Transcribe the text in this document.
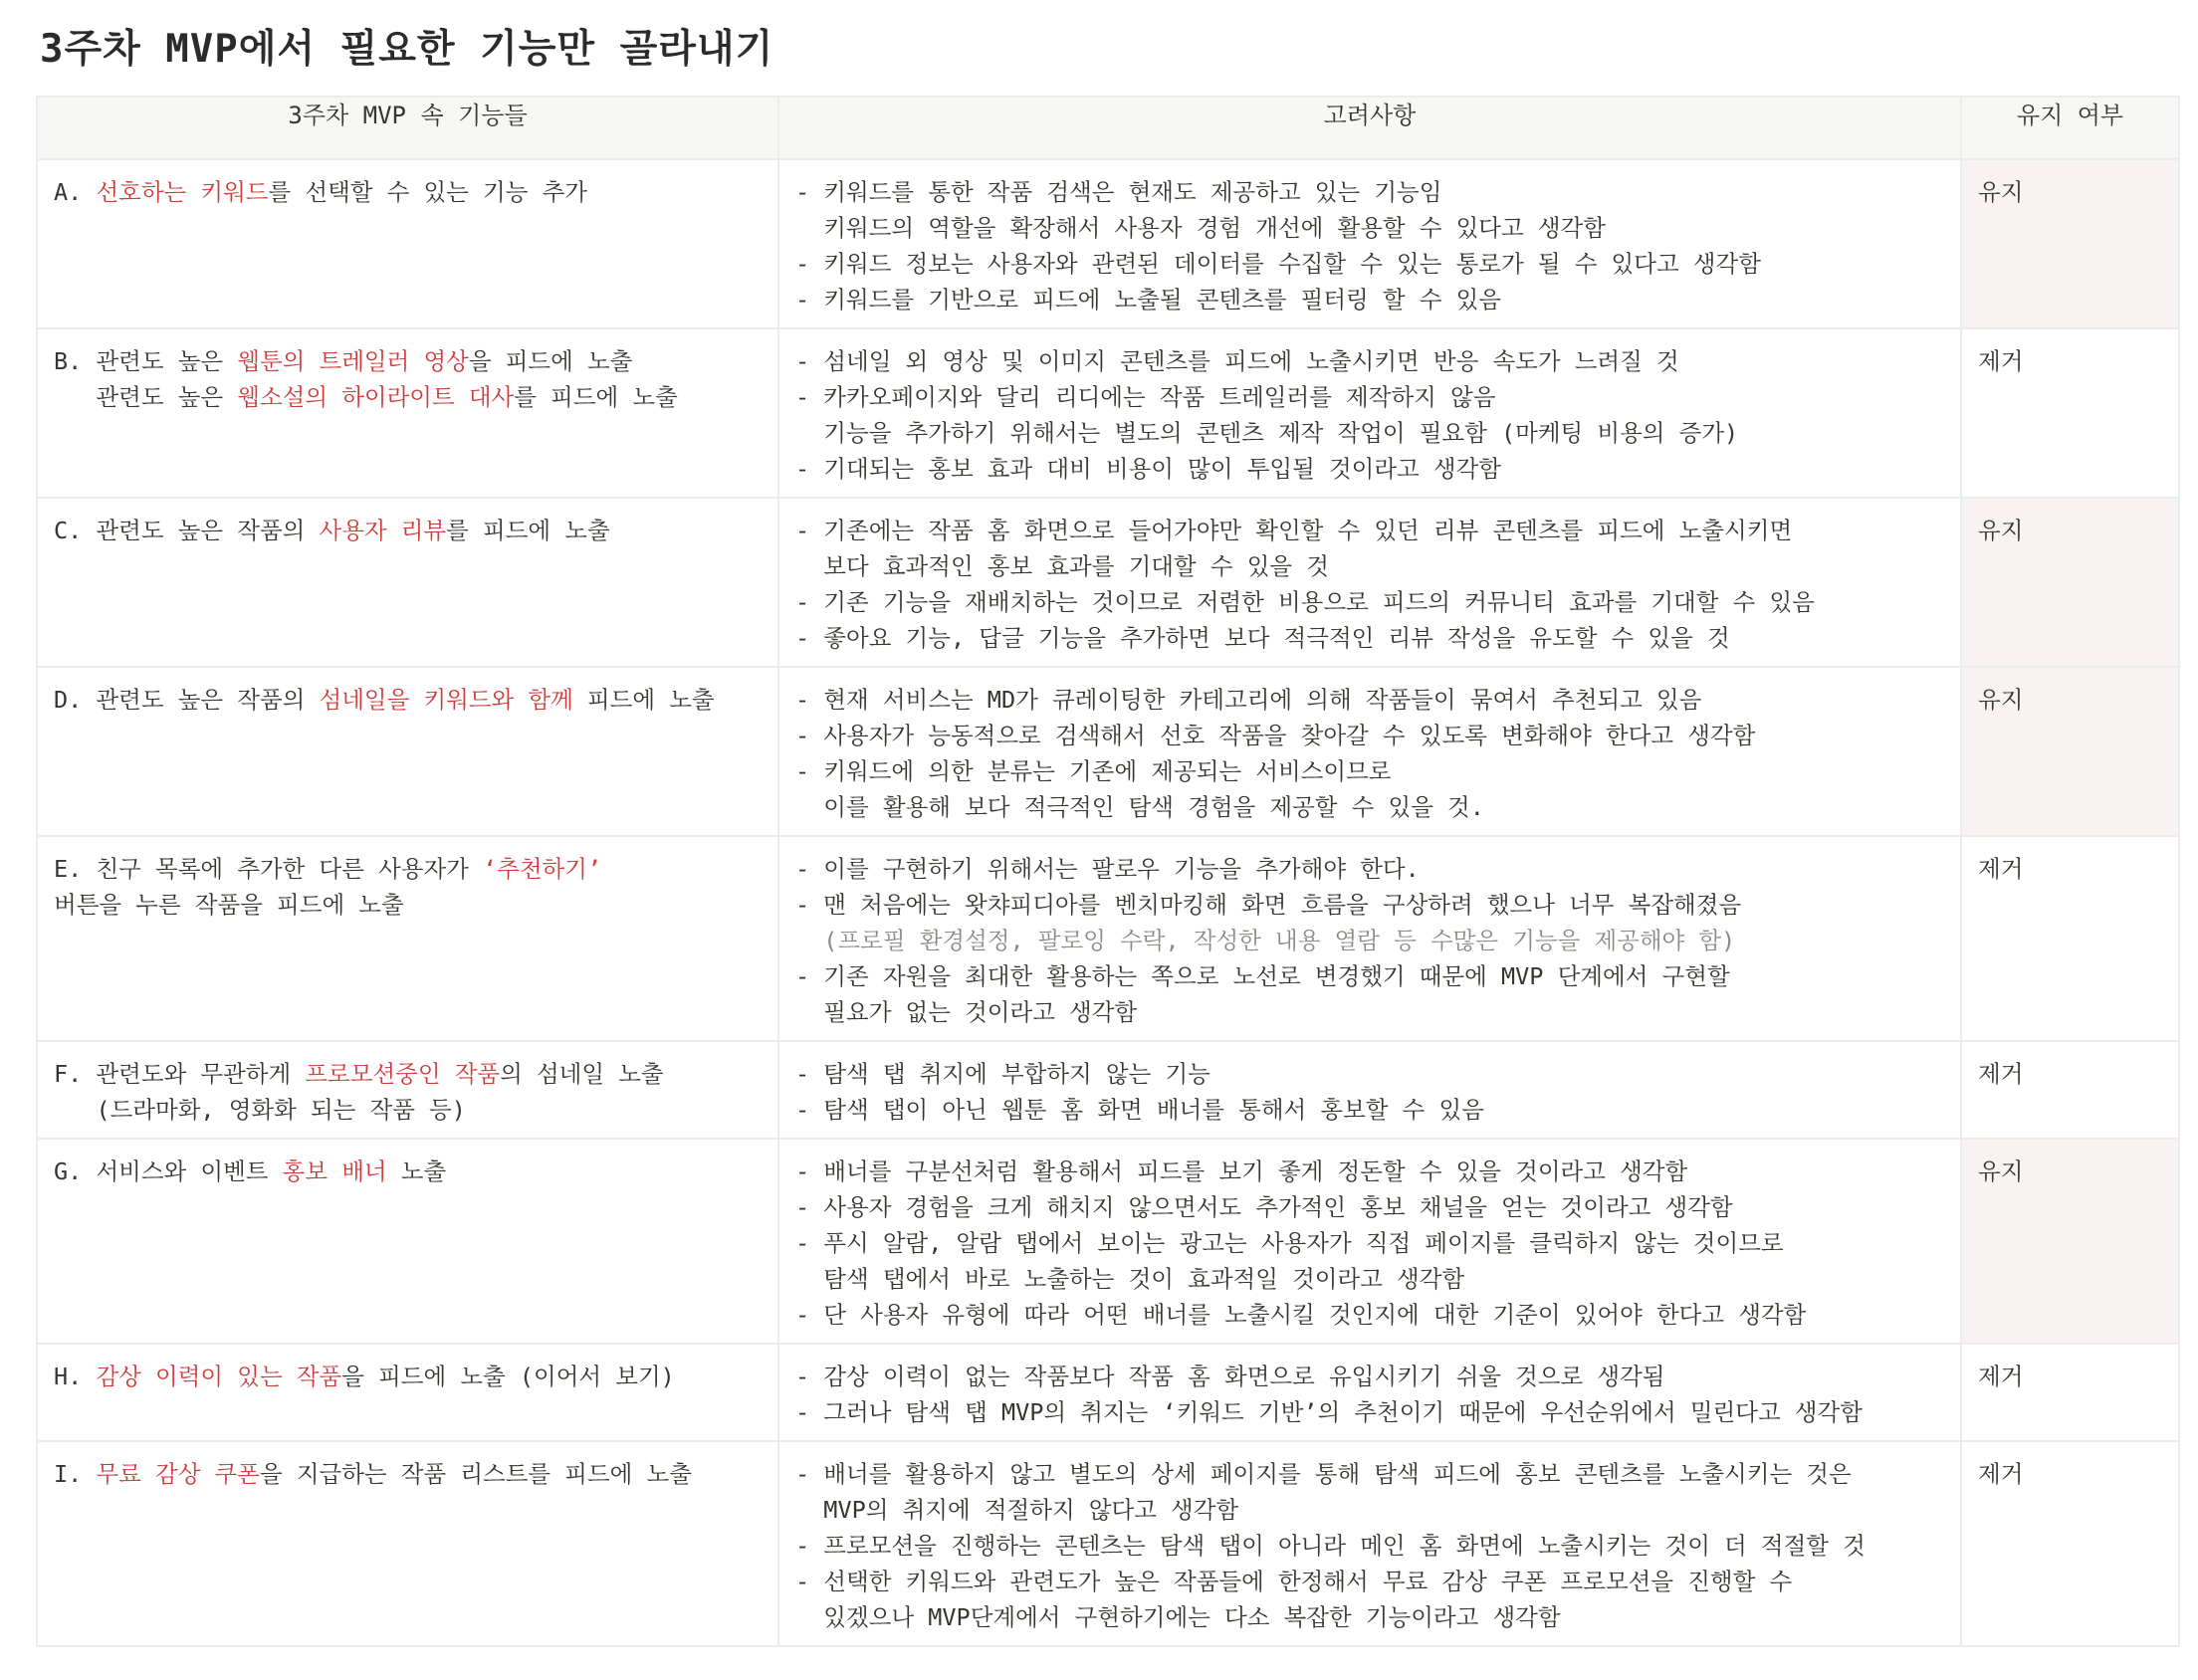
3주차 MVP에서 필요한 기능만 골라내기
3주차 MVP 속 기능들	고려사항	유지 여부

A. 선호하는 키워드를 선택할 수 있는 기능 추가	- 키워드를 통한 작품 검색은 현재도 제공하고 있는 기능임
키워드의 역할을 확장해서 사용자 경험 개선에 활용할 수 있다고 생각함
- 키워드 정보는 사용자와 관련된 데이터를 수집할 수 있는 통로가 될 수 있다고 생각함
- 키워드를 기반으로 피드에 노출될 콘텐츠를 필터링 할 수 있음	유지

B. 관련도 높은 웹툰의 트레일러 영상을 피드에 노출
관련도 높은 웹소설의 하이라이트 대사를 피드에 노출	- 섬네일 외 영상 및 이미지 콘텐츠를 피드에 노출시키면 반응 속도가 느려질 것
- 카카오페이지와 달리 리디에는 작품 트레일러를 제작하지 않음
기능을 추가하기 위해서는 별도의 콘텐츠 제작 작업이 필요함 (마케팅 비용의 증가)
- 기대되는 홍보 효과 대비 비용이 많이 투입될 것이라고 생각함	제거

C. 관련도 높은 작품의 사용자 리뷰를 피드에 노출	- 기존에는 작품 홈 화면으로 들어가야만 확인할 수 있던 리뷰 콘텐츠를 피드에 노출시키면
보다 효과적인 홍보 효과를 기대할 수 있을 것
- 기존 기능을 재배치하는 것이므로 저렴한 비용으로 피드의 커뮤니티 효과를 기대할 수 있음
- 좋아요 기능, 답글 기능을 추가하면 보다 적극적인 리뷰 작성을 유도할 수 있을 것	유지

D. 관련도 높은 작품의 섬네일을 키워드와 함께 피드에 노출	- 현재 서비스는 MD가 큐레이팅한 카테고리에 의해 작품들이 묶여서 추천되고 있음
- 사용자가 능동적으로 검색해서 선호 작품을 찾아갈 수 있도록 변화해야 한다고 생각함
- 키워드에 의한 분류는 기존에 제공되는 서비스이므로
이를 활용해 보다 적극적인 탐색 경험을 제공할 수 있을 것.	유지

E. 친구 목록에 추가한 다른 사용자가 ‘추천하기’
버튼을 누른 작품을 피드에 노출	- 이를 구현하기 위해서는 팔로우 기능을 추가해야 한다.
- 맨 처음에는 왓챠피디아를 벤치마킹해 화면 흐름을 구상하려 했으나 너무 복잡해졌음
(프로필 환경설정, 팔로잉 수락, 작성한 내용 열람 등 수많은 기능을 제공해야 함)
- 기존 자원을 최대한 활용하는 쪽으로 노선로 변경했기 때문에 MVP 단계에서 구현할
필요가 없는 것이라고 생각함	제거

F. 관련도와 무관하게 프로모션중인 작품의 섬네일 노출
(드라마화, 영화화 되는 작품 등)	- 탐색 탭 취지에 부합하지 않는 기능
- 탐색 탭이 아닌 웹툰 홈 화면 배너를 통해서 홍보할 수 있음	제거

G. 서비스와 이벤트 홍보 배너 노출	- 배너를 구분선처럼 활용해서 피드를 보기 좋게 정돈할 수 있을 것이라고 생각함
- 사용자 경험을 크게 해치지 않으면서도 추가적인 홍보 채널을 얻는 것이라고 생각함
- 푸시 알람, 알람 탭에서 보이는 광고는 사용자가 직접 페이지를 클릭하지 않는 것이므로
탐색 탭에서 바로 노출하는 것이 효과적일 것이라고 생각함
- 단 사용자 유형에 따라 어떤 배너를 노출시킬 것인지에 대한 기준이 있어야 한다고 생각함	유지

H. 감상 이력이 있는 작품을 피드에 노출 (이어서 보기)	- 감상 이력이 없는 작품보다 작품 홈 화면으로 유입시키기 쉬울 것으로 생각됨
- 그러나 탐색 탭 MVP의 취지는 ‘키워드 기반’의 추천이기 때문에 우선순위에서 밀린다고 생각함	제거

I. 무료 감상 쿠폰을 지급하는 작품 리스트를 피드에 노출	- 배너를 활용하지 않고 별도의 상세 페이지를 통해 탐색 피드에 홍보 콘텐츠를 노출시키는 것은
MVP의 취지에 적절하지 않다고 생각함
- 프로모션을 진행하는 콘텐츠는 탐색 탭이 아니라 메인 홈 화면에 노출시키는 것이 더 적절할 것
- 선택한 키워드와 관련도가 높은 작품들에 한정해서 무료 감상 쿠폰 프로모션을 진행할 수
있겠으나 MVP단계에서 구현하기에는 다소 복잡한 기능이라고 생각함	제거
